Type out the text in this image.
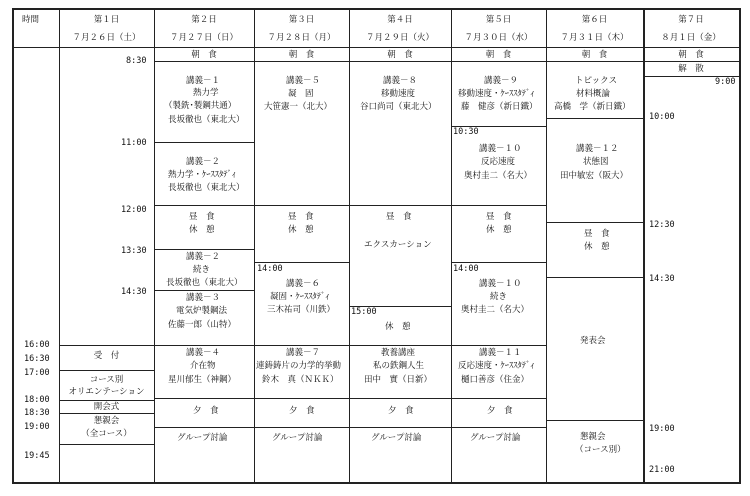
時間	第１日
７月２６日（土）
第２日
７月２７日（日）
第３日
７月２８日（月）
第４日
７月２９日（火）
第５日
７月３０日（水）
第６日
７月３１日（木）
第７日
８月１日（金）
8:30
11:00
12:00
13:30
14:30
16:00
16:30
17:00
18:00
18:30
19:00
19:45
受　付
コース別
オリエンテーション
開会式
懇親会
（全コース）
朝　食
講義－１
熱力学
（製銑･製鋼共通）
長坂徹也（東北大）
講義－２
熱力学・ｹｰｽｽﾀﾃﾞｨ
長坂徹也（東北大）
昼　食
休　憩
講義－２
続き
長坂徹也（東北大）
講義－３
電気炉製鋼法
佐藤一郎（山特）
講義－４
介在物
星川郁生（神鋼）
夕　食
グループ討論
朝　食
講義－５
凝　固
大笹憲一（北大）
昼　食
休　憩
14:00
講義－６
凝固・ｹｰｽｽﾀﾃﾞｨ
三木祐司（川鉄）
講義－７
連鋳鋳片の力学的挙動
鈴木　真（ＮＫＫ）
夕　食
グループ討論
朝　食
講義－８
移動速度
谷口尚司（東北大）
昼　食
エクスカーション
15:00
休　憩
教養講座
私の鉄鋼人生
田中　實（日新）
夕　食
グループ討論
朝　食
講義－９
移動速度・ｹｰｽｽﾀﾃﾞｨ
藤　健彦（新日鐵）
10:30
講義－１０
反応速度
奥村圭二（名大）
昼　食
休　憩
14:00
講義－１０
続き
奥村圭二（名大）
講義－１１
反応速度・ｹｰｽｽﾀﾃﾞｨ
樋口善彦（住金）
夕　食
グループ討論
朝　食
トピックス
材料概論
高橋　学（新日鐵）
講義－１２
状態図
田中敏宏（阪大）
昼　食
休　憩
発表会
懇親会
（コース別）
朝　食
解　散
9:00
10:00
12:30
14:30
19:00
21:00
